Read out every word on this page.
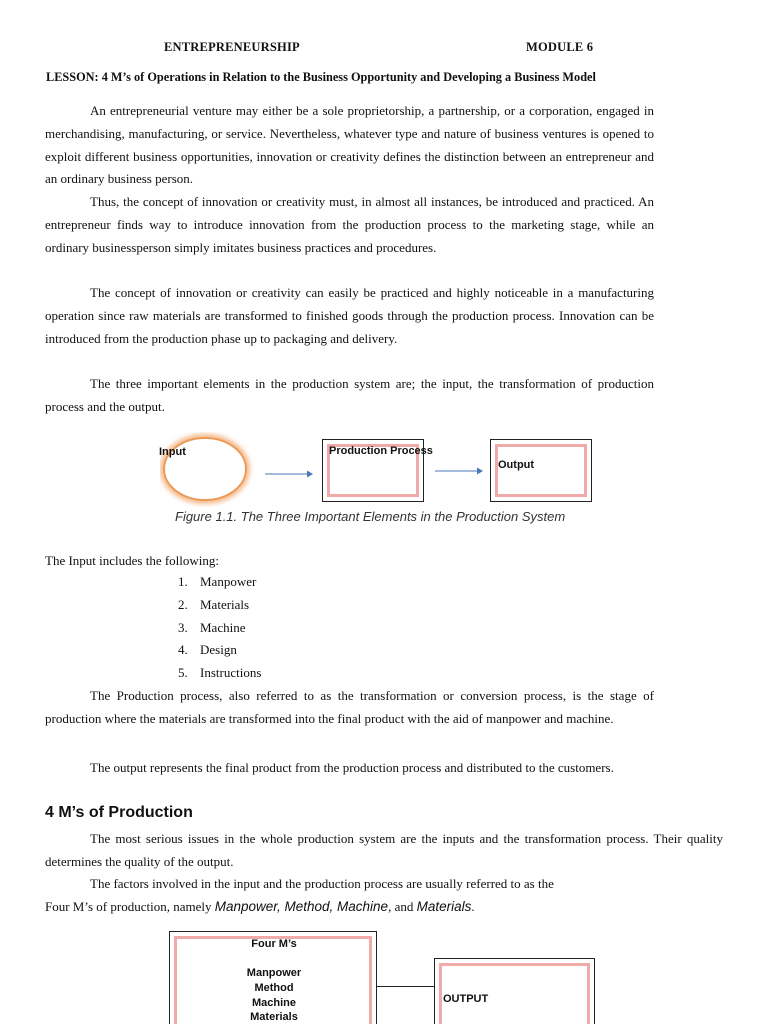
ENTREPRENEURSHIP	MODULE 6
LESSON: 4 M’s of Operations in Relation to the Business Opportunity and Developing a Business Model

An entrepreneurial venture may either be a sole proprietorship, a partnership, or a corporation, engaged in merchandising, manufacturing, or service. Nevertheless, whatever type and nature of business ventures is opened to exploit different business opportunities, innovation or creativity defines the distinction between an entrepreneur and an ordinary business person.

Thus, the concept of innovation or creativity must, in almost all instances, be introduced and practiced. An entrepreneur finds way to introduce innovation from the production process to the marketing stage, while an ordinary businessperson simply imitates business practices and procedures.

The concept of innovation or creativity can easily be practiced and highly noticeable in a manufacturing operation since raw materials are transformed to finished goods through the production process. Innovation can be introduced from the production phase up to packaging and delivery.

The three important elements in the production system are; the input, the transformation of production process and the output.

Input	Production Process
Output
Figure 1.1. The Three Important Elements in the Production System
The Input includes the following:
1. Manpower
2. Materials
3. Machine
4. Design
5. Instructions

The Production process, also referred to as the transformation or conversion process, is the stage of production where the materials are transformed into the final product with the aid of manpower and machine.

The output represents the final product from the production process and distributed to the customers.

4 M’s of Production

The most serious issues in the whole production system are the inputs and the transformation process. Their quality determines the quality of the output.

The factors involved in the input and the production process are usually referred to as the
Four M’s of production, namely Manpower, Method, Machine, and Materials.
Four M’s
Manpower
Method
Machine
Materials
OUTPUT
